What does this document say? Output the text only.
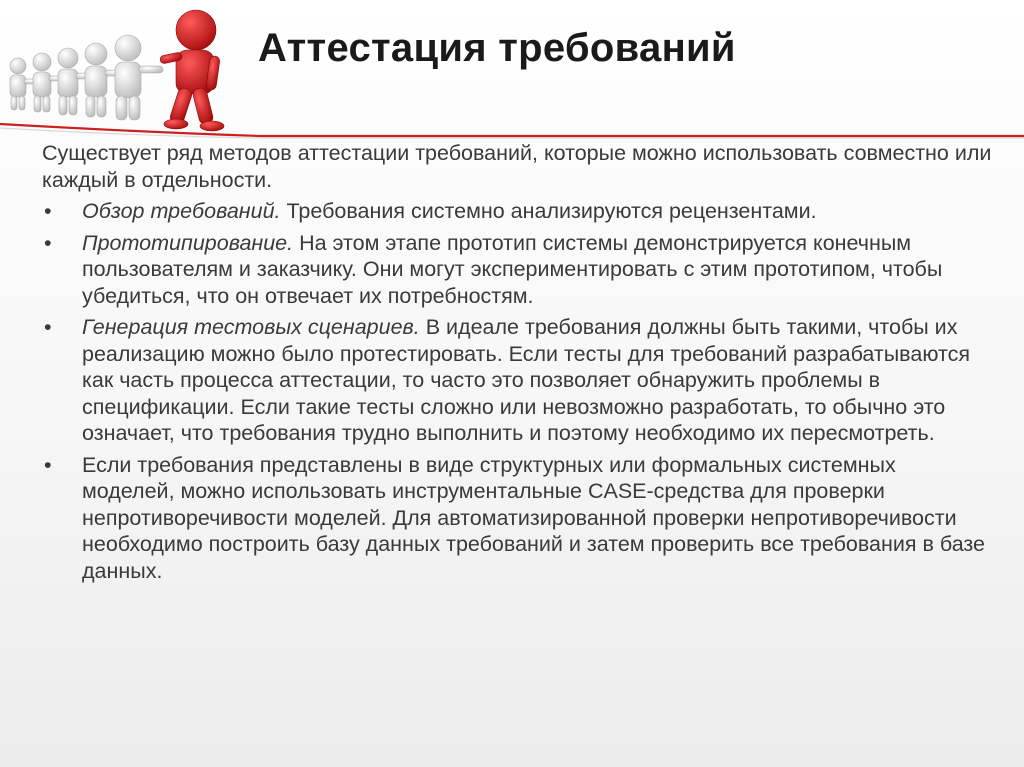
Аттестация требований

Существует ряд методов аттестации требований, которые можно использовать совместно или каждый в отдельности.

• Обзор требований. Требования системно анализируются рецензентами.
• Прототипирование. На этом этапе прототип системы демонстрируется конечным пользователям и заказчику. Они могут экспериментировать с этим прототипом, чтобы убедиться, что он отвечает их потребностям.
• Генерация тестовых сценариев. В идеале требования должны быть такими, чтобы их реализацию можно было протестировать. Если тесты для требований разрабатываются как часть процесса аттестации, то часто это позволяет обнаружить проблемы в спецификации. Если такие тесты сложно или невозможно разработать, то обычно это означает, что требования трудно выполнить и поэтому необходимо их пересмотреть.
• Если требования представлены в виде структурных или формальных системных моделей, можно использовать инструментальные CASE-средства для проверки непротиворечивости моделей. Для автоматизированной проверки непротиворечивости необходимо построить базу данных требований и затем проверить все требования в базе данных.
